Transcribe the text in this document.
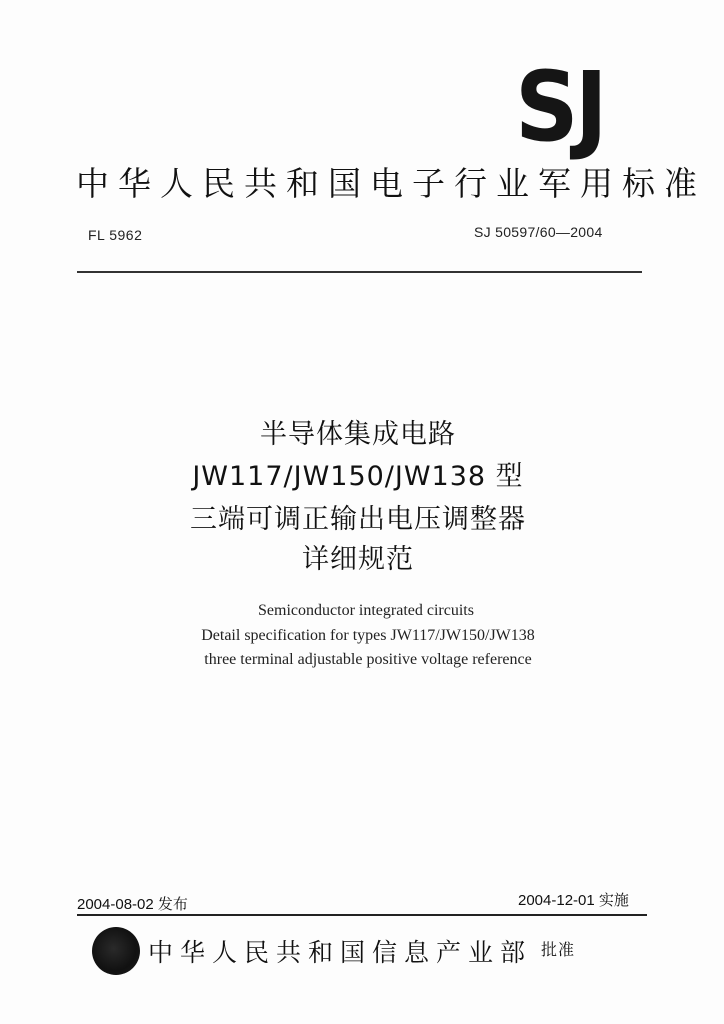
SJ
中华人民共和国电子行业军用标准
FL 5962	SJ 50597/60—2004
半导体集成电路
JW117/JW150/JW138 型
三端可调正输出电压调整器
详细规范
Semiconductor integrated circuits
Detail specification for types JW117/JW150/JW138
three terminal adjustable positive voltage reference
2004-08-02 发布	2004-12-01 实施
中华人民共和国信息产业部 批准
